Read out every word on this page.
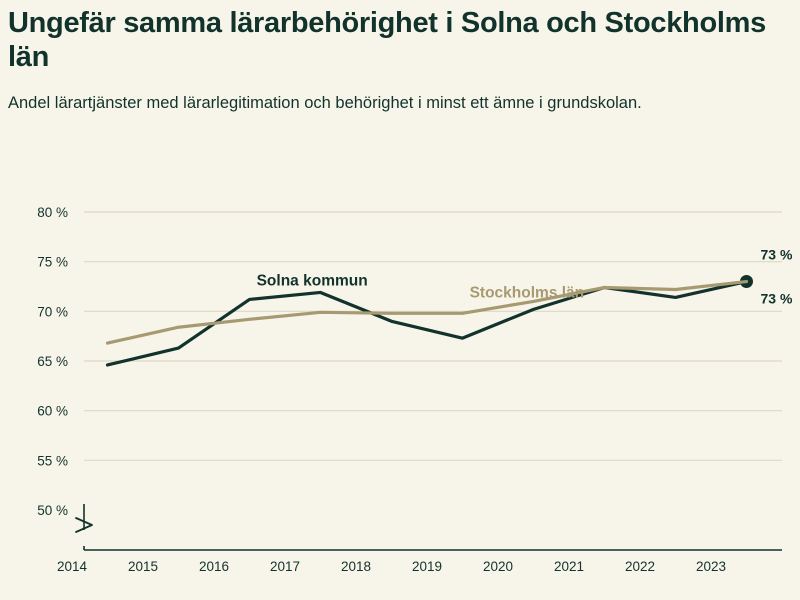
Ungefär samma lärarbehörighet i Solna och Stockholms län
Andel lärartjänster med lärarlegitimation och behörighet i minst ett ämne i grundskolan.
50 %
55 %
60 %
65 %
70 %
75 %
80 %
2014	2015	2016	2017	2018	2019	2020	2021	2022	2023
Solna kommun
Stockholms län
73 %
73 %
